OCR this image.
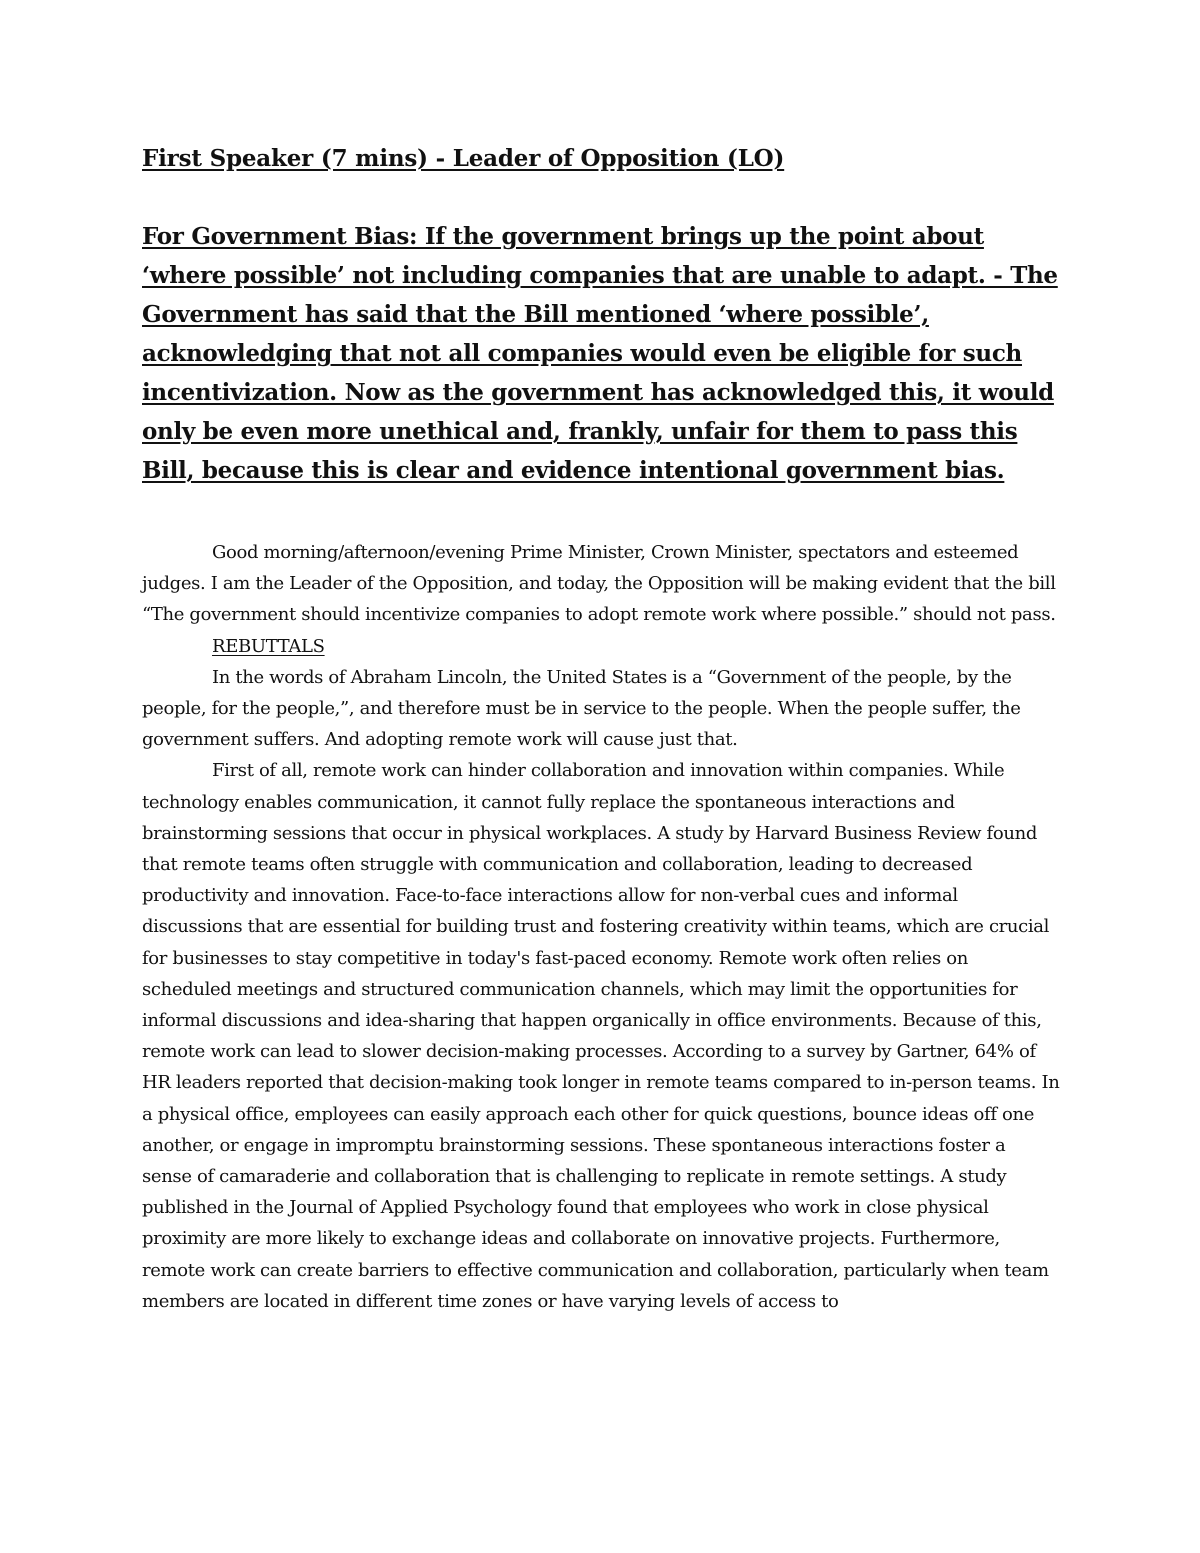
First Speaker (7 mins) - Leader of Opposition (LO)

For Government Bias: If the government brings up the point about ‘where possible’ not including companies that are unable to adapt. - The Government has said that the Bill mentioned ‘where possible’, acknowledging that not all companies would even be eligible for such incentivization. Now as the government has acknowledged this, it would only be even more unethical and, frankly, unfair for them to pass this Bill, because this is clear and evidence intentional government bias.

Good morning/afternoon/evening Prime Minister, Crown Minister, spectators and esteemed judges. I am the Leader of the Opposition, and today, the Opposition will be making evident that the bill “The government should incentivize companies to adopt remote work where possible.” should not pass.

REBUTTALS

In the words of Abraham Lincoln, the United States is a “Government of the people, by the people, for the people,”, and therefore must be in service to the people. When the people suffer, the government suffers. And adopting remote work will cause just that.

First of all, remote work can hinder collaboration and innovation within companies. While technology enables communication, it cannot fully replace the spontaneous interactions and brainstorming sessions that occur in physical workplaces. A study by Harvard Business Review found that remote teams often struggle with communication and collaboration, leading to decreased productivity and innovation. Face-to-face interactions allow for non-verbal cues and informal discussions that are essential for building trust and fostering creativity within teams, which are crucial for businesses to stay competitive in today's fast-paced economy. Remote work often relies on scheduled meetings and structured communication channels, which may limit the opportunities for informal discussions and idea-sharing that happen organically in office environments. Because of this, remote work can lead to slower decision-making processes. According to a survey by Gartner, 64% of HR leaders reported that decision-making took longer in remote teams compared to in-person teams. In a physical office, employees can easily approach each other for quick questions, bounce ideas off one another, or engage in impromptu brainstorming sessions. These spontaneous interactions foster a sense of camaraderie and collaboration that is challenging to replicate in remote settings. A study published in the Journal of Applied Psychology found that employees who work in close physical proximity are more likely to exchange ideas and collaborate on innovative projects. Furthermore, remote work can create barriers to effective communication and collaboration, particularly when team members are located in different time zones or have varying levels of access to
